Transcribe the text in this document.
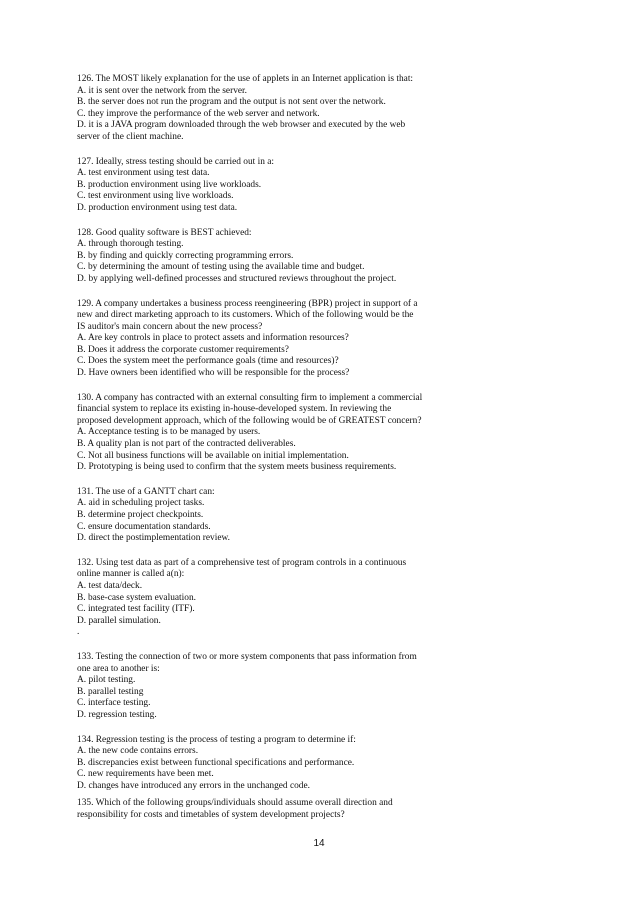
126. The MOST likely explanation for the use of applets in an Internet application is that:
A. it is sent over the network from the server.
B. the server does not run the program and the output is not sent over the network.
C. they improve the performance of the web server and network.
D. it is a JAVA program downloaded through the web browser and executed by the web
server of the client machine.
127. Ideally, stress testing should be carried out in a:
A. test environment using test data.
B. production environment using live workloads.
C. test environment using live workloads.
D. production environment using test data.
128. Good quality software is BEST achieved:
A. through thorough testing.
B. by finding and quickly correcting programming errors.
C. by determining the amount of testing using the available time and budget.
D. by applying well-defined processes and structured reviews throughout the project.
129. A company undertakes a business process reengineering (BPR) project in support of a
new and direct marketing approach to its customers. Which of the following would be the
IS auditor's main concern about the new process?
A. Are key controls in place to protect assets and information resources?
B. Does it address the corporate customer requirements?
C. Does the system meet the performance goals (time and resources)?
D. Have owners been identified who will be responsible for the process?
130. A company has contracted with an external consulting firm to implement a commercial
financial system to replace its existing in-house-developed system. In reviewing the
proposed development approach, which of the following would be of GREATEST concern?
A. Acceptance testing is to be managed by users.
B. A quality plan is not part of the contracted deliverables.
C. Not all business functions will be available on initial implementation.
D. Prototyping is being used to confirm that the system meets business requirements.
131. The use of a GANTT chart can:
A. aid in scheduling project tasks.
B. determine project checkpoints.
C. ensure documentation standards.
D. direct the postimplementation review.
132. Using test data as part of a comprehensive test of program controls in a continuous
online manner is called a(n):
A. test data/deck.
B. base-case system evaluation.
C. integrated test facility (ITF).
D. parallel simulation.
.
133. Testing the connection of two or more system components that pass information from
one area to another is:
A. pilot testing.
B. parallel testing
C. interface testing.
D. regression testing.
134. Regression testing is the process of testing a program to determine if:
A. the new code contains errors.
B. discrepancies exist between functional specifications and performance.
C. new requirements have been met.
D. changes have introduced any errors in the unchanged code.
135. Which of the following groups/individuals should assume overall direction and
responsibility for costs and timetables of system development projects?
14
